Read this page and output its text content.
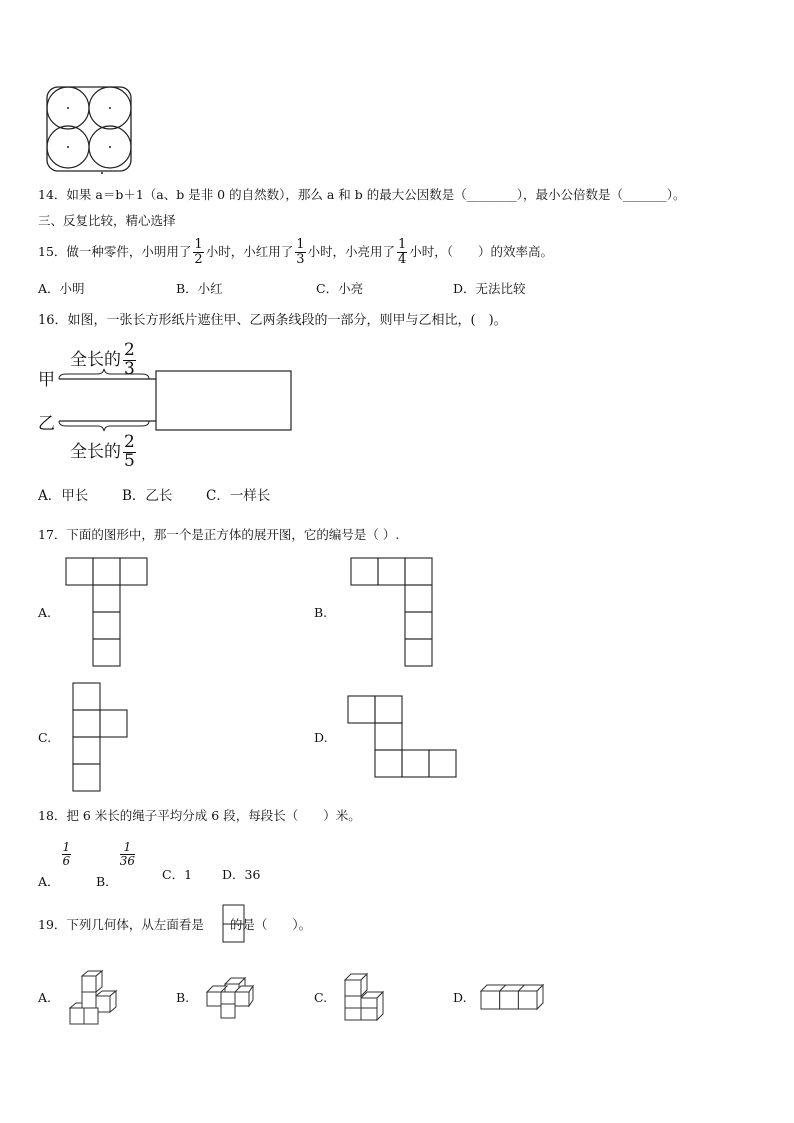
14．如果 a＝b＋1（a、b 是非 0 的自然数），那么 a 和 b 的最大公因数是（________），最小公倍数是（_______）。
三、反复比较，精心选择
15．做一种零件，小明用了 $\frac{1}{2}$ 小时，小红用了 $\frac{1}{3}$ 小时，小亮用了 $\frac{1}{4}$ 小时，（　　）的效率高。
A．小明	B．小红	C．小亮	D．无法比较
16．如图，一张长方形纸片遮住甲、乙两条线段的一部分，则甲与乙相比，(　)。
全长的 $\frac{2}{3}$
甲
乙
全长的 $\frac{2}{5}$
A．甲长	B．乙长 C．一样长
17．下面的图形中，那一个是正方体的展开图，它的编号是（ ）.
A.	B.
C.	D.
18．把 6 米长的绳子平均分成 6 段，每段长（　　）米。
A．
$\frac{1}{6}$
B．
$\frac{1}{36}$
C．1 D．36
19．下列几何体，从左面看是 的是（　　）。
A.	B.	C.	D.
